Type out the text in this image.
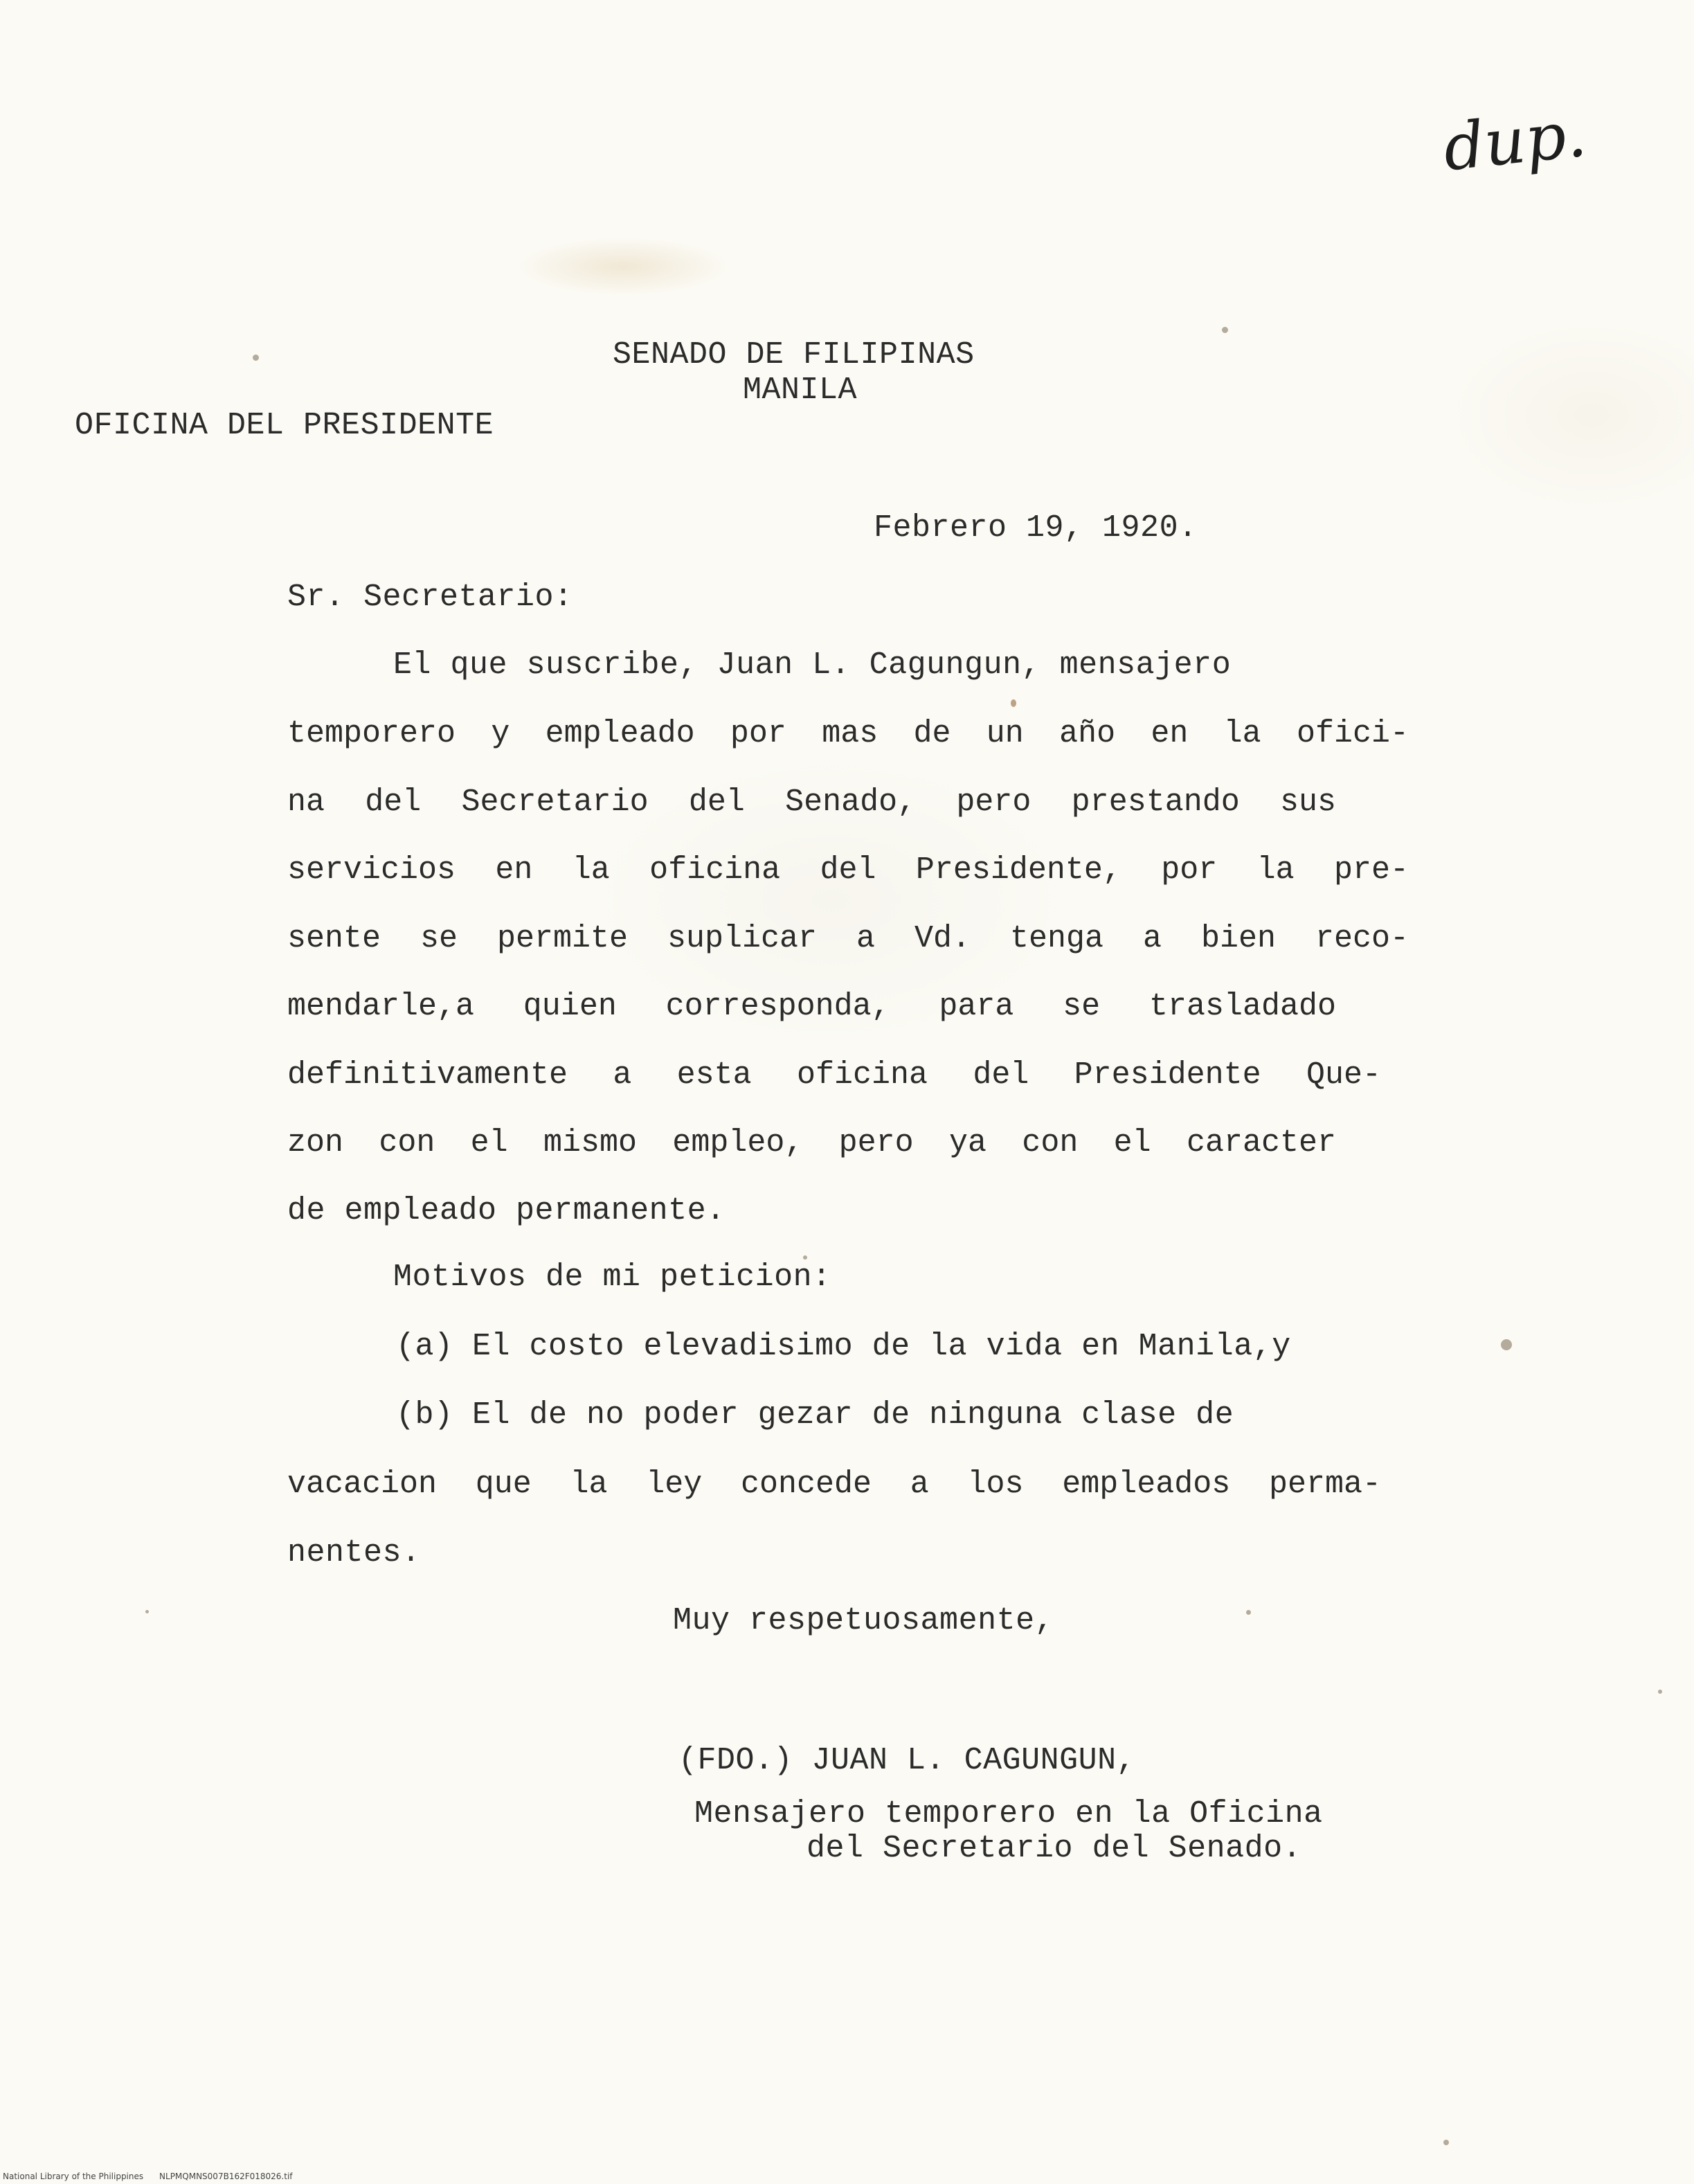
dup.
SENADO DE FILIPINAS
MANILA
OFICINA DEL PRESIDENTE
Febrero 19, 1920.
Sr. Secretario:
El que suscribe, Juan L. Cagungun, mensajero
temporero y empleado por mas de un año en la ofici-
na del Secretario del Senado, pero prestando sus
servicios en la oficina del Presidente, por la pre-
sente se permite suplicar a Vd. tenga a bien reco-
mendarle,a quien corresponda, para se trasladado
definitivamente a esta oficina del Presidente Que-
zon con el mismo empleo, pero ya con el caracter
de empleado permanente.
Motivos de mi peticion:
(a) El costo elevadisimo de la vida en Manila,y
(b) El de no poder gezar de ninguna clase de
vacacion que la ley concede a los empleados perma-
nentes.
Muy respetuosamente,
(FDO.) JUAN L. CAGUNGUN,
Mensajero temporero en la Oficina
del Secretario del Senado.
National Library of the Philippines NLPMQMNS007B162F018026.tif
